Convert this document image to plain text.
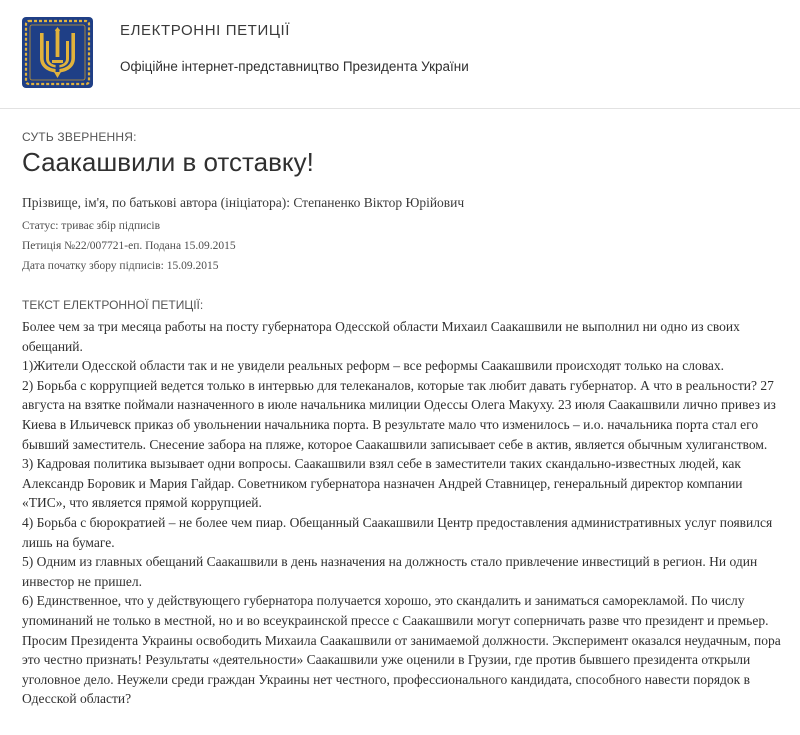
ЕЛЕКТРОННІ ПЕТИЦІЇ
Офіційне інтернет-представництво Президента України
СУТЬ ЗВЕРНЕННЯ:
Саакашвили в отставку!
Прізвище, ім'я, по батькові автора (ініціатора): Степаненко Віктор Юрійович
Статус: триває збір підписів
Петиція №22/007721-еп. Подана 15.09.2015
Дата початку збору підписів: 15.09.2015
ТЕКСТ ЕЛЕКТРОННОЇ ПЕТИЦІЇ:

Более чем за три месяца работы на посту губернатора Одесской области Михаил Саакашвили не выполнил ни одно из своих обещаний.

1)Жители Одесской области так и не увидели реальных реформ – все реформы Саакашвили происходят только на словах.

2) Борьба с коррупцией ведется только в интервью для телеканалов, которые так любит давать губернатор. А что в реальности? 27 августа на взятке поймали назначенного в июле начальника милиции Одессы Олега Макуху. 23 июля Саакашвили лично привез из Киева в Ильичевск приказ об увольнении начальника порта. В результате мало что изменилось – и.о. начальника порта стал его бывший заместитель. Снесение забора на пляже, которое Саакашвили записывает себе в актив, является обычным хулиганством.

3) Кадровая политика вызывает одни вопросы. Саакашвили взял себе в заместители таких скандально-известных людей, как Александр Боровик и Мария Гайдар. Советником губернатора назначен Андрей Ставницер, генеральный директор компании «ТИС», что является прямой коррупцией.

4) Борьба с бюрократией – не более чем пиар. Обещанный Саакашвили Центр предоставления административных услуг появился лишь на бумаге.

5) Одним из главных обещаний Саакашвили в день назначения на должность стало привлечение инвестиций в регион. Ни один инвестор не пришел.

6) Единственное, что у действующего губернатора получается хорошо, это скандалить и заниматься саморекламой. По числу упоминаний не только в местной, но и во всеукраинской прессе с Саакашвили могут соперничать разве что президент и премьер.

Просим Президента Украины освободить Михаила Саакашвили от занимаемой должности. Эксперимент оказался неудачным, пора это честно признать! Результаты «деятельности» Саакашвили уже оценили в Грузии, где против бывшего президента открыли уголовное дело. Неужели среди граждан Украины нет честного, профессионального кандидата, способного навести порядок в Одесской области?
